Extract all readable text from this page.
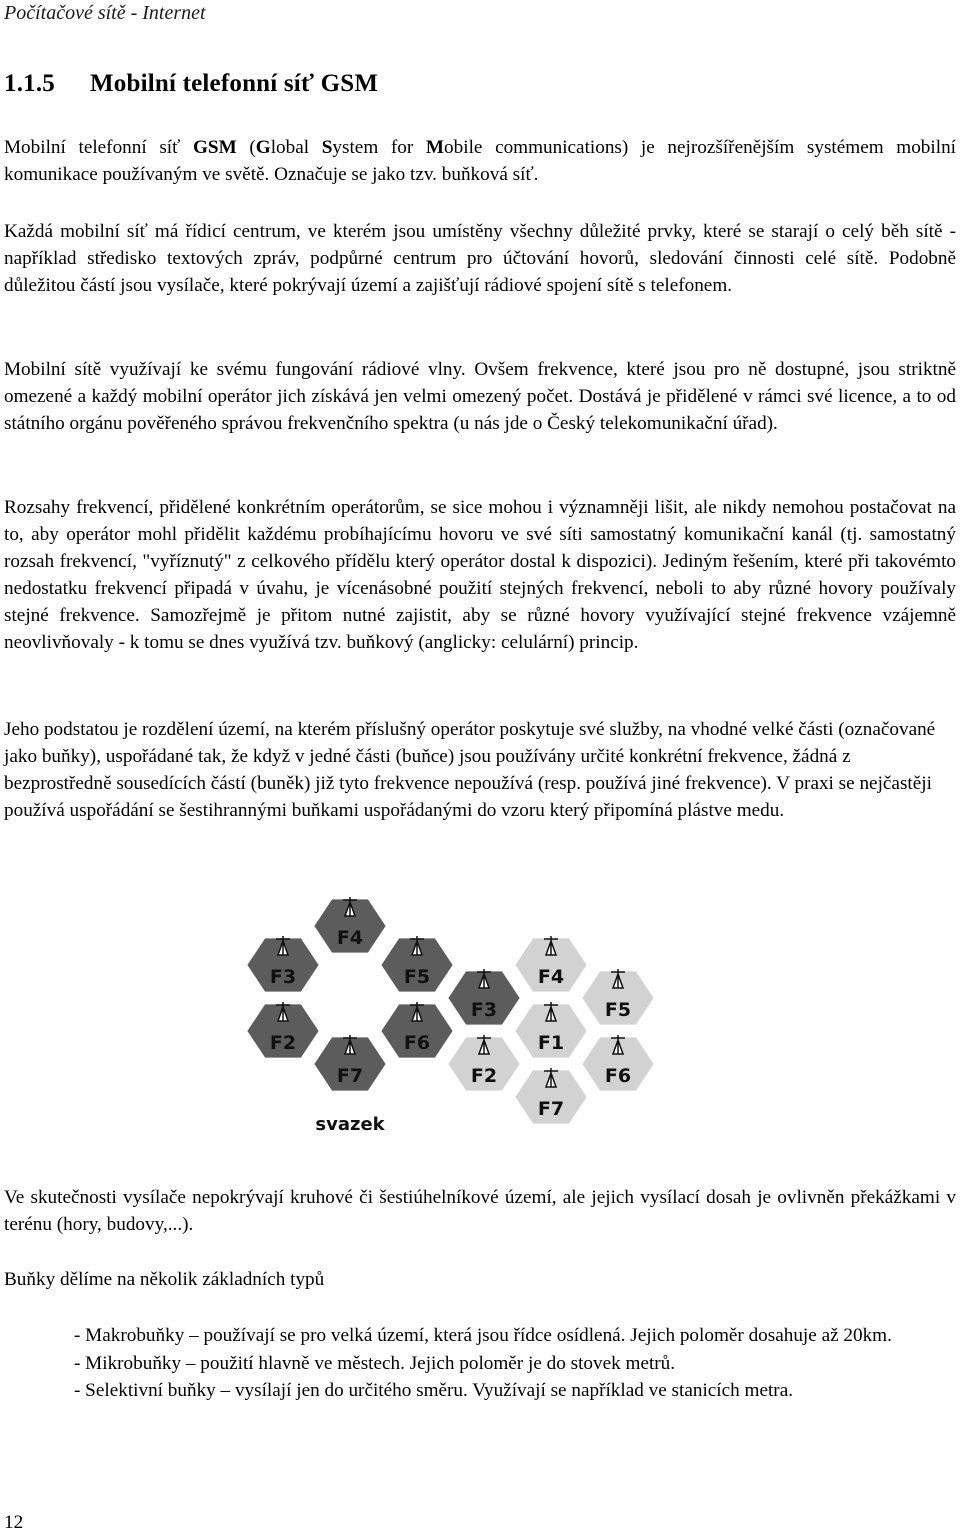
Počítačové sítě - Internet
1.1.5 Mobilní telefonní síť GSM

Mobilní telefonní síť GSM (Global System for Mobile communications) je nejrozšířenějším systémem mobilní komunikace používaným ve světě. Označuje se jako tzv. buňková síť.

Každá mobilní síť má řídicí centrum, ve kterém jsou umístěny všechny důležité prvky, které se starají o celý běh sítě - například středisko textových zpráv, podpůrné centrum pro účtování hovorů, sledování činnosti celé sítě. Podobně důležitou částí jsou vysílače, které pokrývají území a zajišťují rádiové spojení sítě s telefonem.

Mobilní sítě využívají ke svému fungování rádiové vlny. Ovšem frekvence, které jsou pro ně dostupné, jsou striktně omezené a každý mobilní operátor jich získává jen velmi omezený počet. Dostává je přidělené v rámci své licence, a to od státního orgánu pověřeného správou frekvenčního spektra (u nás jde o Český telekomunikační úřad).

Rozsahy frekvencí, přidělené konkrétním operátorům, se sice mohou i významněji lišit, ale nikdy nemohou postačovat na to, aby operátor mohl přidělit každému probíhajícímu hovoru ve své síti samostatný komunikační kanál (tj. samostatný rozsah frekvencí, "vyříznutý" z celkového přídělu který operátor dostal k dispozici). Jediným řešením, které při takovémto nedostatku frekvencí připadá v úvahu, je vícenásobné použití stejných frekvencí, neboli to aby různé hovory používaly stejné frekvence. Samozřejmě je přitom nutné zajistit, aby se různé hovory využívající stejné frekvence vzájemně neovlivňovaly - k tomu se dnes využívá tzv. buňkový (anglicky: celulární) princip.

Jeho podstatou je rozdělení území, na kterém příslušný operátor poskytuje své služby, na vhodné velké části (označované jako buňky), uspořádané tak, že když v jedné části (buňce) jsou používány určité konkrétní frekvence, žádná z bezprostředně sousedících částí (buněk) již tyto frekvence nepoužívá (resp. používá jiné frekvence). V praxi se nejčastěji používá uspořádání se šestihrannými buňkami uspořádanými do vzoru který připomíná plástve medu.

F4
F3	F5	F4
F2	F6
F3	F5
F7
F1
F2	F6
F7
svazek

Ve skutečnosti vysílače nepokrývají kruhové či šestiúhelníkové území, ale jejich vysílací dosah je ovlivněn překážkami v terénu (hory, budovy,...).

Buňky dělíme na několik základních typů

- Makrobuňky – používají se pro velká území, která jsou řídce osídlená. Jejich poloměr dosahuje až 20km.
- Mikrobuňky – použití hlavně ve městech. Jejich poloměr je do stovek metrů.
- Selektivní buňky – vysílají jen do určitého směru. Využívají se například ve stanicích metra.
12
